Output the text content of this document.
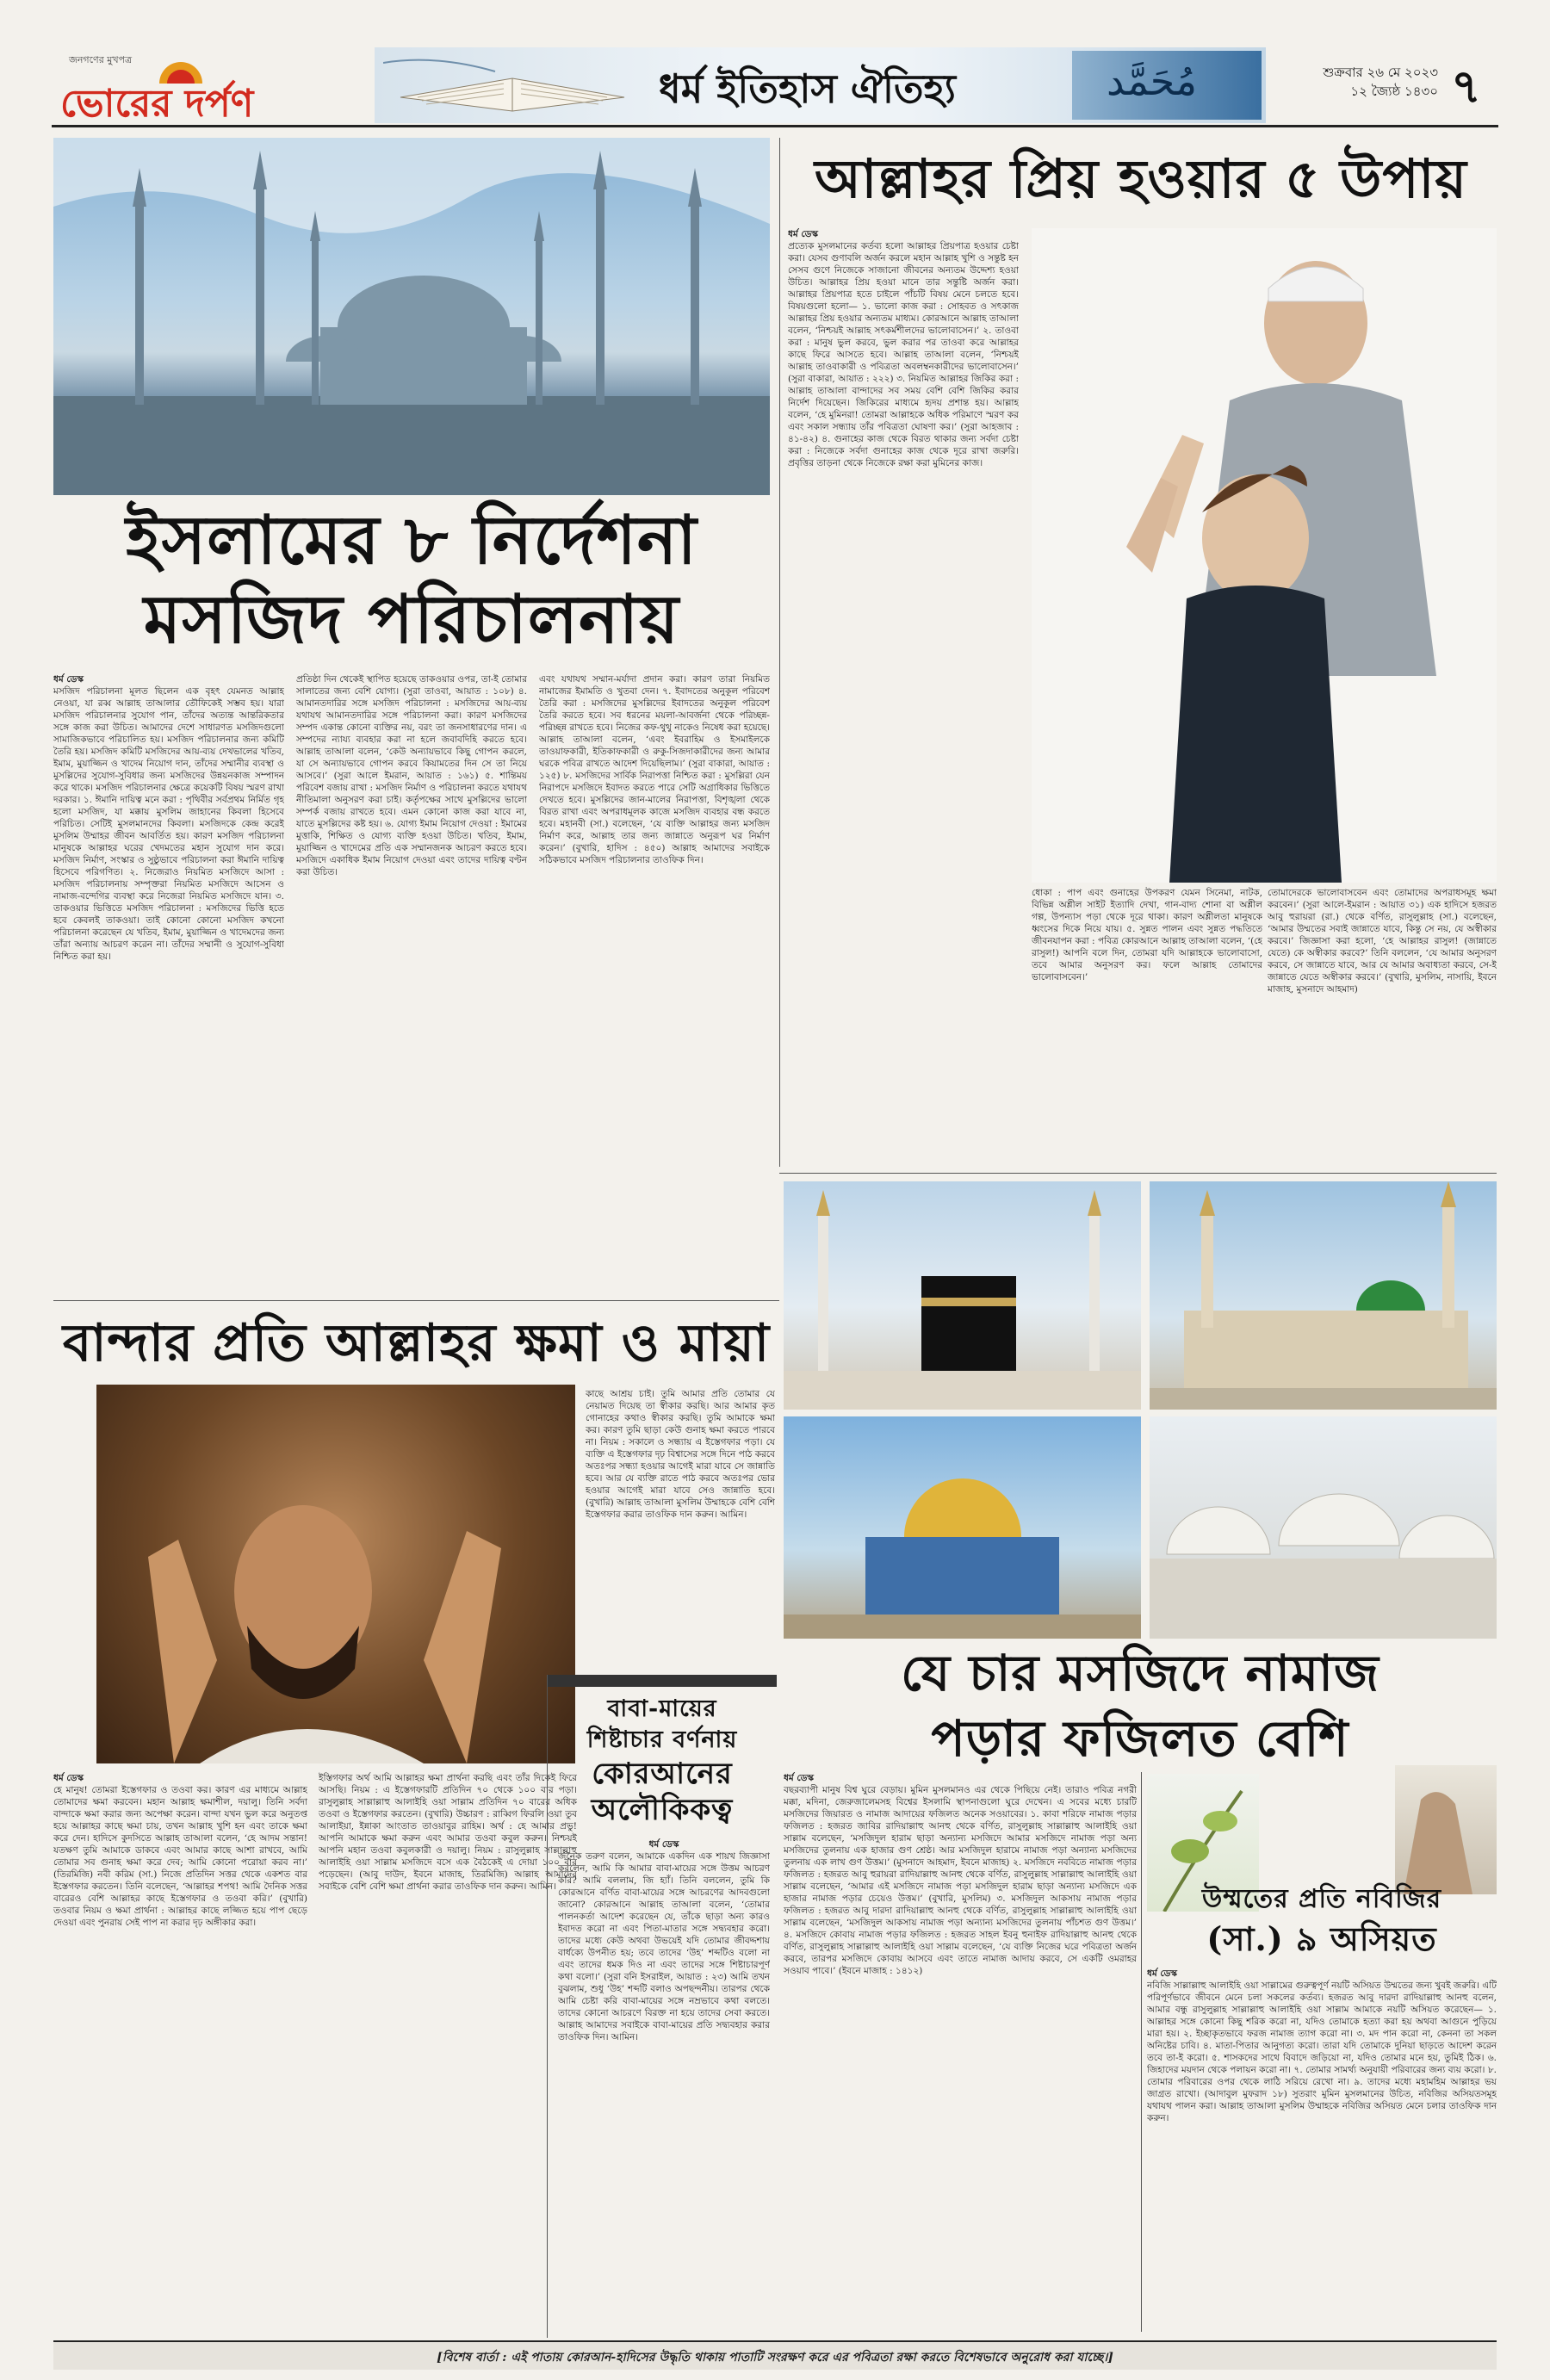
জনগণের মুখপত্র
ভোরের দর্পণ	ধর্ম ইতিহাস ঐতিহ্য	مُحَمَّد	শুক্রবার ২৬ মে ২০২৩
১২ জ্যৈষ্ঠ ১৪৩০ ৭
ইসলামের ৮ নির্দেশনা
মসজিদ পরিচালনায়
ধর্ম ডেস্ক
মসজিদ পরিচালনা মূলত ছিলেন এক বৃহৎ যেমনত আল্লাহ নেওয়া, যা রব্ব আল্লাহ তাআলার তৌফিকেই সম্ভব হয়। যারা মসজিদ পরিচালনার সুযোগ পান, তাঁদের অত্যন্ত আন্তরিকতার সঙ্গে কাজ করা উচিত। আমাদের দেশে সাধারণত মসজিদগুলো সামাজিকভাবে পরিচালিত হয়। মসজিদ পরিচালনার জন্য কমিটি তৈরি হয়। মসজিদ কমিটি মসজিদের আয়-ব্যয় দেখভালের খতিব, ইমাম, মুয়াজ্জিন ও খাদেম নিয়োগ দান, তাঁদের সম্মানীর ব্যবস্থা ও মুসল্লিদের সুযোগ-সুবিধার জন্য মসজিদের উন্নয়নকাজ সম্পাদন করে থাকে। মসজিদ পরিচালনার ক্ষেত্রে কয়েকটি বিষয় স্মরণ রাখা দরকার। ১. ঈমানি দায়িত্ব মনে করা : পৃথিবীর সর্বপ্রথম নির্মিত গৃহ হলো মসজিদ, যা মক্কায় মুসলিম জাহানের কিবলা হিসেবে পরিচিত। সেটিই মুসলমানদের কিবলা। মসজিদকে কেন্দ্র করেই মুসলিম উম্মাহর জীবন আবর্তিত হয়। কারণ মসজিদ পরিচালনা মানুষকে আল্লাহর ঘরের খেদমতের মহান সুযোগ দান করে। মসজিদ নির্মাণ, সংস্কার ও সুষ্ঠুভাবে পরিচালনা করা ঈমানি দায়িত্ব হিসেবে পরিগণিত। ২. নিজেরাও নিয়মিত মসজিদে আসা : মসজিদ পরিচালনায় সম্পৃক্তরা নিয়মিত মসজিদে আসেন ও নামাজ-বন্দেগির ব্যবস্থা করে নিজেরা নিয়মিত মসজিদে যান। ৩. তাকওয়ার ভিত্তিতে মসজিদ পরিচালনা : মসজিদের ভিত্তি হতে হবে কেবলই তাকওয়া। তাই কোনো কোনো মসজিদ কখনো পরিচালনা করেছেন যে খতিব, ইমাম, মুয়াজ্জিন ও খাদেমদের জন্য তাঁরা অন্যায় আচরণ করেন না। তাঁদের সম্মানী ও সুযোগ-সুবিধা নিশ্চিত করা হয়।
প্রতিষ্ঠা দিন থেকেই স্থাপিত হয়েছে তাকওয়ার ওপর, তা-ই তোমার সালাতের জন্য বেশি যোগ্য। (সুরা তাওবা, আয়াত : ১০৮) ৪. আমানতদারির সঙ্গে মসজিদ পরিচালনা : মসজিদের আয়-ব্যয় যথাযথ আমানতদারির সঙ্গে পরিচালনা করা। কারণ মসজিদের সম্পদ একান্ত কোনো ব্যক্তির নয়, বরং তা জনসাধারণের দান। এ সম্পদের ন্যায্য ব্যবহার করা না হলে জবাবদিহি করতে হবে। আল্লাহ তাআলা বলেন, ‘কেউ অন্যায়ভাবে কিছু গোপন করলে, যা সে অন্যায়ভাবে গোপন করবে কিয়ামতের দিন সে তা নিয়ে আসবে।’ (সুরা আলে ইমরান, আয়াত : ১৬১) ৫. শান্তিময় পরিবেশ বজায় রাখা : মসজিদ নির্মাণ ও পরিচালনা করতে যথাযথ নীতিমালা অনুসরণ করা চাই। কর্তৃপক্ষের সাথে মুসল্লিদের ভালো সম্পর্ক বজায় রাখতে হবে। এমন কোনো কাজ করা যাবে না, যাতে মুসল্লিদের কষ্ট হয়। ৬. যোগ্য ইমাম নিয়োগ দেওয়া : ইমামের মুত্তাকি, শিক্ষিত ও যোগ্য ব্যক্তি হওয়া উচিত। খতিব, ইমাম, মুয়াজ্জিন ও খাদেমের প্রতি এক সম্মানজনক আচরণ করতে হবে। মসজিদে একাধিক ইমাম নিয়োগ দেওয়া এবং তাদের দায়িত্ব বণ্টন করা উচিত।
এবং যথাযথ সম্মান-মর্যাদা প্রদান করা। কারণ তারা নিয়মিত নামাজের ইমামতি ও খুতবা দেন। ৭. ইবাদতের অনুকূল পরিবেশ তৈরি করা : মসজিদের মুসল্লিদের ইবাদতের অনুকূল পরিবেশ তৈরি করতে হবে। সব ধরনের ময়লা-আবর্জনা থেকে পরিচ্ছন্ন-পরিচ্ছন্ন রাখতে হবে। নিজের কফ-থুথু নাকেও নিষেধ করা হয়েছে। আল্লাহ তাআলা বলেন, ‘এবং ইবরাহিম ও ইসমাইলকে তাওয়াফকারী, ইতিকাফকারী ও রুকু-সিজদাকারীদের জন্য আমার ঘরকে পবিত্র রাখতে আদেশ দিয়েছিলাম।’ (সুরা বাকারা, আয়াত : ১২৫) ৮. মসজিদের সার্বিক নিরাপত্তা নিশ্চিত করা : মুসল্লিরা যেন নিরাপদে মসজিদে ইবাদত করতে পারে সেটি অগ্রাধিকার ভিত্তিতে দেখতে হবে। মুসল্লিদের জান-মালের নিরাপত্তা, বিশৃঙ্খলা থেকে বিরত রাখা এবং অপরাধমূলক কাজে মসজিদ ব্যবহার বন্ধ করতে হবে। মহানবী (সা.) বলেছেন, ‘যে ব্যক্তি আল্লাহর জন্য মসজিদ নির্মাণ করে, আল্লাহ তার জন্য জান্নাতে অনুরূপ ঘর নির্মাণ করেন।’ (বুখারি, হাদিস : ৪৫০) আল্লাহ আমাদের সবাইকে সঠিকভাবে মসজিদ পরিচালনার তাওফিক দিন।
আল্লাহর প্রিয় হওয়ার ৫ উপায়
ধর্ম ডেস্ক
প্রত্যেক মুসলমানের কর্তব্য হলো আল্লাহর প্রিয়পাত্র হওয়ার চেষ্টা করা। যেসব গুণাবলি অর্জন করলে মহান আল্লাহ খুশি ও সন্তুষ্ট হন সেসব গুণে নিজেকে সাজানো জীবনের অন্যতম উদ্দেশ্য হওয়া উচিত। আল্লাহর প্রিয় হওয়া মানে তার সন্তুষ্টি অর্জন করা। আল্লাহর প্রিয়পাত্র হতে চাইলে পাঁচটি বিষয় মেনে চলতে হবে। বিষয়গুলো হলো— ১. ভালো কাজ করা : সোহবত ও সৎকাজ আল্লাহর প্রিয় হওয়ার অন্যতম মাধ্যম। কোরআনে আল্লাহ তাআলা বলেন, ‘নিশ্চয়ই আল্লাহ সৎকর্মশীলদের ভালোবাসেন।’ ২. তাওবা করা : মানুষ ভুল করবে, ভুল করার পর তাওবা করে আল্লাহর কাছে ফিরে আসতে হবে। আল্লাহ তাআলা বলেন, ‘নিশ্চয়ই আল্লাহ তাওবাকারী ও পবিত্রতা অবলম্বনকারীদের ভালোবাসেন।’ (সুরা বাকারা, আয়াত : ২২২) ৩. নিয়মিত আল্লাহর জিকির করা : আল্লাহ তাআলা বান্দাদের সব সময় বেশি বেশি জিকির করার নির্দেশ দিয়েছেন। জিকিরের মাধ্যমে হৃদয় প্রশান্ত হয়। আল্লাহ বলেন, ‘হে মুমিনরা! তোমরা আল্লাহকে অধিক পরিমাণে স্মরণ কর এবং সকাল সন্ধ্যায় তাঁর পবিত্রতা ঘোষণা কর।’ (সুরা আহজাব : ৪১-৪২) ৪. গুনাহের কাজ থেকে বিরত থাকার জন্য সর্বদা চেষ্টা করা : নিজেকে সর্বদা গুনাহের কাজ থেকে দূরে রাখা জরুরি। প্রবৃত্তির তাড়না থেকে নিজেকে রক্ষা করা মুমিনের কাজ।
ধোকা : পাপ এবং গুনাহের উপকরণ যেমন সিনেমা, নাটক, বিভিন্ন অশ্লীল সাইট ইত্যাদি দেখা, গান-বাদ্য শোনা বা অশ্লীল গল্প, উপন্যাস পড়া থেকে দূরে থাকা। কারণ অশ্লীলতা মানুষকে ধ্বংসের দিকে নিয়ে যায়। ৫. সুন্নত পালন এবং সুন্নত পদ্ধতিতে জীবনযাপন করা : পবিত্র কোরআনে আল্লাহ তাআলা বলেন, ‘(হে রাসুল!) আপনি বলে দিন, তোমরা যদি আল্লাহকে ভালোবাসো, তবে আমার অনুসরণ কর। ফলে আল্লাহ তোমাদের ভালোবাসবেন।’
তোমাদেরকে ভালোবাসবেন এবং তোমাদের অপরাধসমূহ ক্ষমা করবেন।’ (সুরা আলে-ইমরান : আয়াত ৩১) এক হাদিসে হজরত আবু হুরায়রা (রা.) থেকে বর্ণিত, রাসুলুল্লাহ (সা.) বলেছেন, ‘আমার উম্মতের সবাই জান্নাতে যাবে, কিন্তু সে নয়, যে অস্বীকার করবে।’ জিজ্ঞাসা করা হলো, ‘হে আল্লাহর রাসুল! (জান্নাতে যেতে) কে অস্বীকার করবে?’ তিনি বললেন, ‘যে আমার অনুসরণ করবে, সে জান্নাতে যাবে, আর যে আমার অবাধ্যতা করবে, সে-ই জান্নাতে যেতে অস্বীকার করবে।’ (বুখারি, মুসলিম, নাসায়ি, ইবনে মাজাহ, মুসনাদে আহমাদ)
বান্দার প্রতি আল্লাহর ক্ষমা ও মায়া
ধর্ম ডেস্ক
হে মানুষ! তোমরা ইস্তেগফার ও তওবা কর। কারণ এর মাধ্যমে আল্লাহ তোমাদের ক্ষমা করবেন। মহান আল্লাহ ক্ষমাশীল, দয়ালু। তিনি সর্বদা বান্দাকে ক্ষমা করার জন্য অপেক্ষা করেন। বান্দা যখন ভুল করে অনুতপ্ত হয়ে আল্লাহর কাছে ক্ষমা চায়, তখন আল্লাহ খুশি হন এবং তাকে ক্ষমা করে দেন। হাদিসে কুদসিতে আল্লাহ তাআলা বলেন, ‘হে আদম সন্তান! যতক্ষণ তুমি আমাকে ডাকবে এবং আমার কাছে আশা রাখবে, আমি তোমার সব গুনাহ ক্ষমা করে দেব; আমি কোনো পরোয়া করব না।’ (তিরমিজি) নবী করিম (সা.) নিজে প্রতিদিন সত্তর থেকে একশত বার ইস্তেগফার করতেন। তিনি বলেছেন, ‘আল্লাহর শপথ! আমি দৈনিক সত্তর বারেরও বেশি আল্লাহর কাছে ইস্তেগফার ও তওবা করি।’ (বুখারি) তওবার নিয়ম ও ক্ষমা প্রার্থনা : আল্লাহর কাছে লজ্জিত হয়ে পাপ ছেড়ে দেওয়া এবং পুনরায় সেই পাপ না করার দৃঢ় অঙ্গীকার করা।
ইস্তিগফার অর্থ আমি আল্লাহর ক্ষমা প্রার্থনা করছি এবং তাঁর দিকেই ফিরে আসছি। নিয়ম : এ ইস্তেগফারটি প্রতিদিন ৭০ থেকে ১০০ বার পড়া। রাসুলুল্লাহ সাল্লাল্লাহু আলাইহি ওয়া সাল্লাম প্রতিদিন ৭০ বারের অধিক তওবা ও ইস্তেগফার করতেন। (বুখারি) উচ্চারণ : রাব্বিগ ফিরলি ওয়া তুব আলাইয়া, ইন্নাকা আংতাত তাওয়াবুর রাহিম। অর্থ : হে আমার প্রভু! আপনি আমাকে ক্ষমা করুন এবং আমার তওবা কবুল করুন। নিশ্চয়ই আপনি মহান তওবা কবুলকারী ও দয়ালু। নিয়ম : রাসুলুল্লাহ সাল্লাল্লাহু আলাইহি ওয়া সাল্লাম মসজিদে বসে এক বৈঠকেই এ দোয়া ১০০ বার পড়েছেন। (আবু দাউদ, ইবনে মাজাহ, তিরমিজি) আল্লাহ আমাদের সবাইকে বেশি বেশি ক্ষমা প্রার্থনা করার তাওফিক দান করুন। আমিন।
কাছে আশ্রয় চাই। তুমি আমার প্রতি তোমার যে নেয়ামত দিয়েছ তা স্বীকার করছি। আর আমার কৃত গোনাহের কথাও স্বীকার করছি। তুমি আমাকে ক্ষমা কর। কারণ তুমি ছাড়া কেউ গুনাহ ক্ষমা করতে পারবে না। নিয়ম : সকালে ও সন্ধ্যায় এ ইস্তেগফার পড়া। যে ব্যক্তি এ ইস্তেগফার দৃঢ় বিশ্বাসের সঙ্গে দিনে পাঠ করবে অতঃপর সন্ধ্যা হওয়ার আগেই মারা যাবে সে জান্নাতি হবে। আর যে ব্যক্তি রাতে পাঠ করবে অতঃপর ভোর হওয়ার আগেই মারা যাবে সেও জান্নাতি হবে। (বুখারি) আল্লাহ তাআলা মুসলিম উম্মাহকে বেশি বেশি ইস্তেগফার করার তাওফিক দান করুন। আমিন।
বাবা-মায়ের
শিষ্টাচার বর্ণনায়
কোরআনের
অলৌকিকত্ব
ধর্ম ডেস্ক
জনৈক তরুণ বলেন, আমাকে একদিন এক শায়খ জিজ্ঞাসা করলেন, আমি কি আমার বাবা-মায়ের সঙ্গে উত্তম আচরণ করি? আমি বললাম, জি হ্যাঁ। তিনি বললেন, তুমি কি কোরআনে বর্ণিত বাবা-মায়ের সঙ্গে আচরণের আদবগুলো জানো? কোরআনে আল্লাহ তাআলা বলেন, ‘তোমার পালনকর্তা আদেশ করেছেন যে, তাঁকে ছাড়া অন্য কারও ইবাদত করো না এবং পিতা-মাতার সঙ্গে সদ্ব্যবহার করো। তাদের মধ্যে কেউ অথবা উভয়েই যদি তোমার জীবদ্দশায় বার্ধক্যে উপনীত হয়; তবে তাদের ‘উহ’ শব্দটিও বলো না এবং তাদের ধমক দিও না এবং তাদের সঙ্গে শিষ্টাচারপূর্ণ কথা বলো।’ (সুরা বনি ইসরাইল, আয়াত : ২৩) আমি তখন বুঝলাম, শুধু ‘উহ’ শব্দটি বলাও অপছন্দনীয়। তারপর থেকে আমি চেষ্টা করি বাবা-মায়ের সঙ্গে নম্রভাবে কথা বলতে। তাদের কোনো আচরণে বিরক্ত না হয়ে তাদের সেবা করতে। আল্লাহ আমাদের সবাইকে বাবা-মায়ের প্রতি সদ্ব্যবহার করার তাওফিক দিন। আমিন।
যে চার মসজিদে নামাজ
পড়ার ফজিলত বেশি
ধর্ম ডেস্ক
বছরব্যাপী মানুষ বিশ্ব ঘুরে বেড়ায়। মুমিন মুসলমানও এর থেকে পিছিয়ে নেই। তারাও পবিত্র নগরী মক্কা, মদিনা, জেরুজালেমসহ বিশ্বের ইসলামি স্থাপনাগুলো ঘুরে দেখেন। এ সবের মধ্যে চারটি মসজিদের জিয়ারত ও নামাজ আদায়ের ফজিলত অনেক সওয়াবের। ১. কাবা শরিফে নামাজ পড়ার ফজিলত : হজরত জাবির রাদিয়াল্লাহু আনহু থেকে বর্ণিত, রাসুলুল্লাহ সাল্লাল্লাহু আলাইহি ওয়া সাল্লাম বলেছেন, ‘মসজিদুল হারাম ছাড়া অন্যান্য মসজিদে আমার মসজিদে নামাজ পড়া অন্য মসজিদের তুলনায় এক হাজার গুণ শ্রেষ্ঠ। আর মসজিদুল হারামে নামাজ পড়া অন্যান্য মসজিদের তুলনায় এক লাখ গুণ উত্তম।’ (মুসনাদে আহমাদ, ইবনে মাজাহ) ২. মসজিদে নববিতে নামাজ পড়ার ফজিলত : হজরত আবু হুরায়রা রাদিয়াল্লাহু আনহু থেকে বর্ণিত, রাসুলুল্লাহ সাল্লাল্লাহু আলাইহি ওয়া সাল্লাম বলেছেন, ‘আমার এই মসজিদে নামাজ পড়া মসজিদুল হারাম ছাড়া অন্যান্য মসজিদে এক হাজার নামাজ পড়ার চেয়েও উত্তম।’ (বুখারি, মুসলিম) ৩. মসজিদুল আকসায় নামাজ পড়ার ফজিলত : হজরত আবু দারদা রাদিয়াল্লাহু আনহু থেকে বর্ণিত, রাসুলুল্লাহ সাল্লাল্লাহু আলাইহি ওয়া সাল্লাম বলেছেন, ‘মসজিদুল আকসায় নামাজ পড়া অন্যান্য মসজিদের তুলনায় পাঁচশত গুণ উত্তম।’ ৪. মসজিদে কোবায় নামাজ পড়ার ফজিলত : হজরত সাহল ইবনু হুনাইফ রাদিয়াল্লাহু আনহু থেকে বর্ণিত, রাসুলুল্লাহ সাল্লাল্লাহু আলাইহি ওয়া সাল্লাম বলেছেন, ‘যে ব্যক্তি নিজের ঘরে পবিত্রতা অর্জন করবে, তারপর মসজিদে কোবায় আসবে এবং তাতে নামাজ আদায় করবে, সে একটি ওমরাহর সওয়াব পাবে।’ (ইবনে মাজাহ : ১৪১২)
উম্মতের প্রতি নবিজির
(সা.) ৯ অসিয়ত
ধর্ম ডেস্ক
নবিজি সাল্লাল্লাহু আলাইহি ওয়া সাল্লামের গুরুত্বপূর্ণ নয়টি অসিয়ত উম্মতের জন্য খুবই জরুরি। এটি পরিপূর্ণভাবে জীবনে মেনে চলা সকলের কর্তব্য। হজরত আবু দারদা রাদিয়াল্লাহু আনহু বলেন, আমার বন্ধু রাসুলুল্লাহ সাল্লাল্লাহু আলাইহি ওয়া সাল্লাম আমাকে নয়টি অসিয়ত করেছেন— ১. আল্লাহর সঙ্গে কোনো কিছু শরিক করো না, যদিও তোমাকে হত্যা করা হয় অথবা আগুনে পুড়িয়ে মারা হয়। ২. ইচ্ছাকৃতভাবে ফরজ নামাজ ত্যাগ করো না। ৩. মদ পান করো না, কেননা তা সকল অনিষ্টের চাবি। ৪. মাতা-পিতার আনুগত্য করো। তারা যদি তোমাকে দুনিয়া ছাড়তে আদেশ করেন তবে তা-ই করো। ৫. শাসকদের সাথে বিবাদে জড়িয়ো না, যদিও তোমার মনে হয়, তুমিই ঠিক। ৬. জিহাদের ময়দান থেকে পলায়ন করো না। ৭. তোমার সামর্থ্য অনুযায়ী পরিবারের জন্য ব্যয় করো। ৮. তোমার পরিবারের ওপর থেকে লাঠি সরিয়ে রেখো না। ৯. তাদের মধ্যে মহামহিম আল্লাহর ভয় জাগ্রত রাখো। (আদাবুল মুফরাদ ১৮) সুতরাং মুমিন মুসলমানের উচিত, নবিজির অসিয়তসমূহ যথাযথ পালন করা। আল্লাহ তাআলা মুসলিম উম্মাহকে নবিজির অসিয়ত মেনে চলার তাওফিক দান করুন।
[বিশেষ বার্তা : এই পাতায় কোরআন-হাদিসের উদ্ধৃতি থাকায় পাতাটি সংরক্ষণ করে এর পবিত্রতা রক্ষা করতে বিশেষভাবে অনুরোধ করা যাচ্ছে।]
